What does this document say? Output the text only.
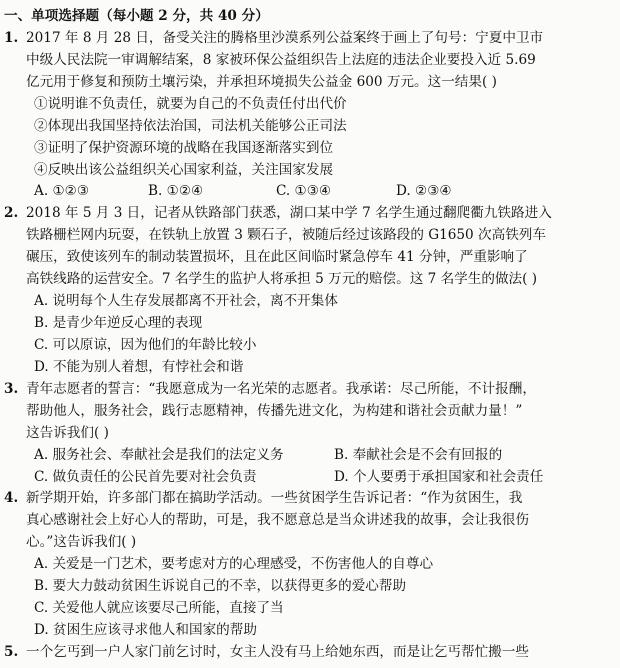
一、单项选择题（每小题 2 分，共 40 分）
1. 2017 年 8 月 28 日，备受关注的腾格里沙漠系列公益案终于画上了句号：宁夏中卫市
中级人民法院一审调解结案，8 家被环保公益组织告上法庭的违法企业要投入近 5.69
亿元用于修复和预防土壤污染，并承担环境损失公益金 600 万元。这一结果( )
①说明谁不负责任，就要为自己的不负责任付出代价
②体现出我国坚持依法治国，司法机关能够公正司法
③证明了保护资源环境的战略在我国逐渐落实到位
④反映出该公益组织关心国家利益，关注国家发展
A. ①②③	B. ①②④	C. ①③④	D. ②③④
2. 2018 年 5 月 3 日，记者从铁路部门获悉，湖口某中学 7 名学生通过翻爬衢九铁路进入
铁路栅栏网内玩耍，在铁轨上放置 3 颗石子，被随后经过该路段的 G1650 次高铁列车
碾压，致使该列车的制动装置损坏，且在此区间临时紧急停车 41 分钟，严重影响了
高铁线路的运营安全。7 名学生的监护人将承担 5 万元的赔偿。这 7 名学生的做法( )
A. 说明每个人生存发展都离不开社会，离不开集体
B. 是青少年逆反心理的表现
C. 可以原谅，因为他们的年龄比较小
D. 不能为别人着想，有悖社会和谐
3. 青年志愿者的誓言：“我愿意成为一名光荣的志愿者。我承诺：尽己所能，不计报酬，
帮助他人，服务社会，践行志愿精神，传播先进文化，为构建和谐社会贡献力量！”
这告诉我们( )
A. 服务社会、奉献社会是我们的法定义务	B. 奉献社会是不会有回报的
C. 做负责任的公民首先要对社会负责	D. 个人要勇于承担国家和社会责任
4. 新学期开始，许多部门都在搞助学活动。一些贫困学生告诉记者：“作为贫困生，我
真心感谢社会上好心人的帮助，可是，我不愿意总是当众讲述我的故事，会让我很伤
心。”这告诉我们( )
A. 关爱是一门艺术，要考虑对方的心理感受，不伤害他人的自尊心
B. 要大力鼓动贫困生诉说自己的不幸，以获得更多的爱心帮助
C. 关爱他人就应该要尽己所能，直接了当
D. 贫困生应该寻求他人和国家的帮助
5. 一个乞丐到一户人家门前乞讨时，女主人没有马上给她东西，而是让乞丐帮忙搬一些
